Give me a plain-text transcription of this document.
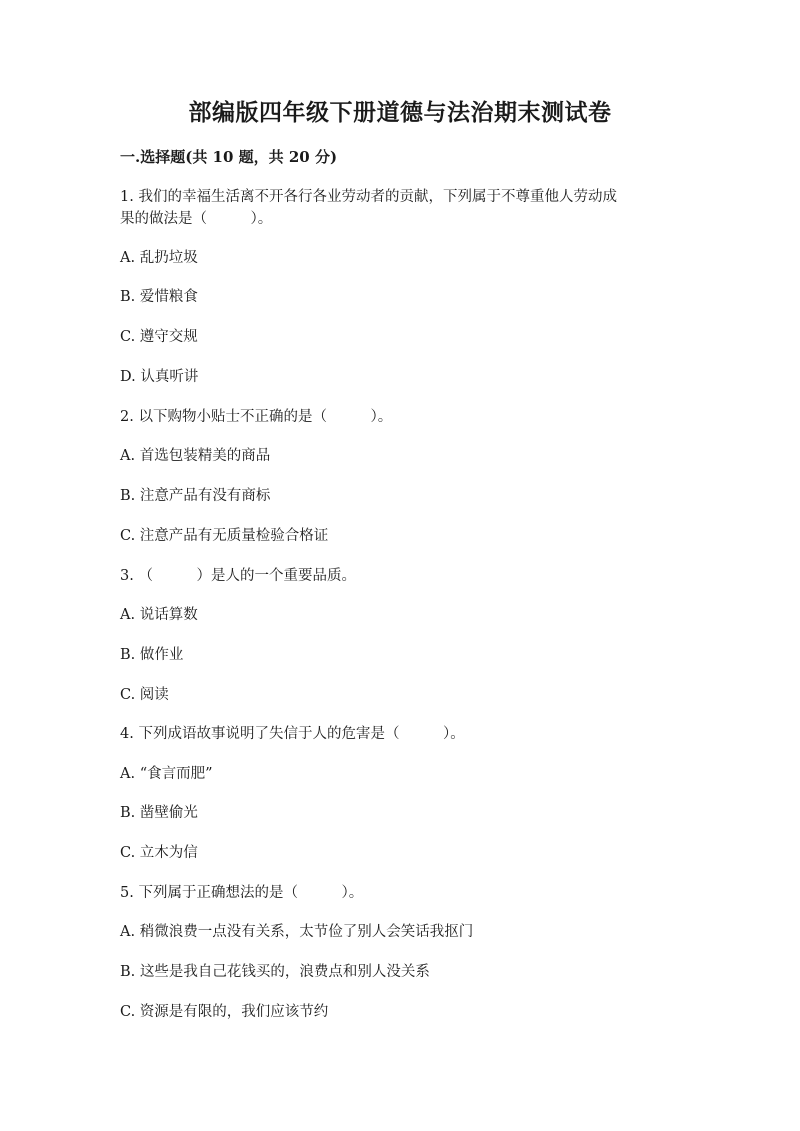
部编版四年级下册道德与法治期末测试卷
一.选择题(共 10 题，共 20 分)
1. 我们的幸福生活离不开各行各业劳动者的贡献，下列属于不尊重他人劳动成
果的做法是（　　　）。
A. 乱扔垃圾
B. 爱惜粮食
C. 遵守交规
D. 认真听讲
2. 以下购物小贴士不正确的是（　　　）。
A. 首选包装精美的商品
B. 注意产品有没有商标
C. 注意产品有无质量检验合格证
3. （　　　）是人的一个重要品质。
A. 说话算数
B. 做作业
C. 阅读
4. 下列成语故事说明了失信于人的危害是（　　　）。
A. “食言而肥”
B. 凿壁偷光
C. 立木为信
5. 下列属于正确想法的是（　　　）。
A. 稍微浪费一点没有关系，太节俭了别人会笑话我抠门
B. 这些是我自己花钱买的，浪费点和别人没关系
C. 资源是有限的，我们应该节约
